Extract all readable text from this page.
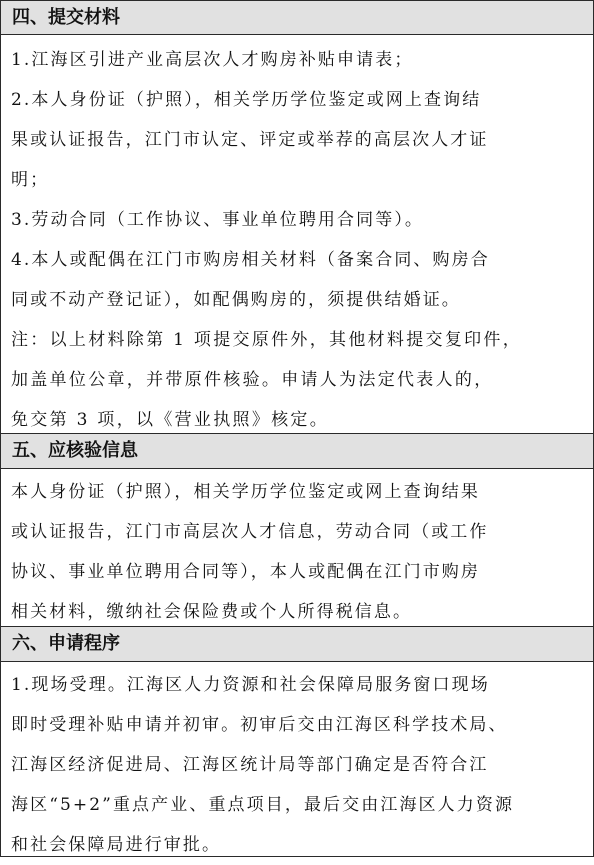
四、提交材料
1.江海区引进产业高层次人才购房补贴申请表；
2.本人身份证（护照），相关学历学位鉴定或网上查询结
果或认证报告，江门市认定、评定或举荐的高层次人才证
明；
3.劳动合同（工作协议、事业单位聘用合同等）。
4.本人或配偶在江门市购房相关材料（备案合同、购房合
同或不动产登记证），如配偶购房的，须提供结婚证。
注：以上材料除第 1 项提交原件外，其他材料提交复印件，
加盖单位公章，并带原件核验。申请人为法定代表人的，
免交第 3 项，以《营业执照》核定。
五、应核验信息
本人身份证（护照），相关学历学位鉴定或网上查询结果
或认证报告，江门市高层次人才信息，劳动合同（或工作
协议、事业单位聘用合同等），本人或配偶在江门市购房
相关材料，缴纳社会保险费或个人所得税信息。
六、申请程序
1.现场受理。江海区人力资源和社会保障局服务窗口现场
即时受理补贴申请并初审。初审后交由江海区科学技术局、
江海区经济促进局、江海区统计局等部门确定是否符合江
海区“5+2”重点产业、重点项目，最后交由江海区人力资源
和社会保障局进行审批。
